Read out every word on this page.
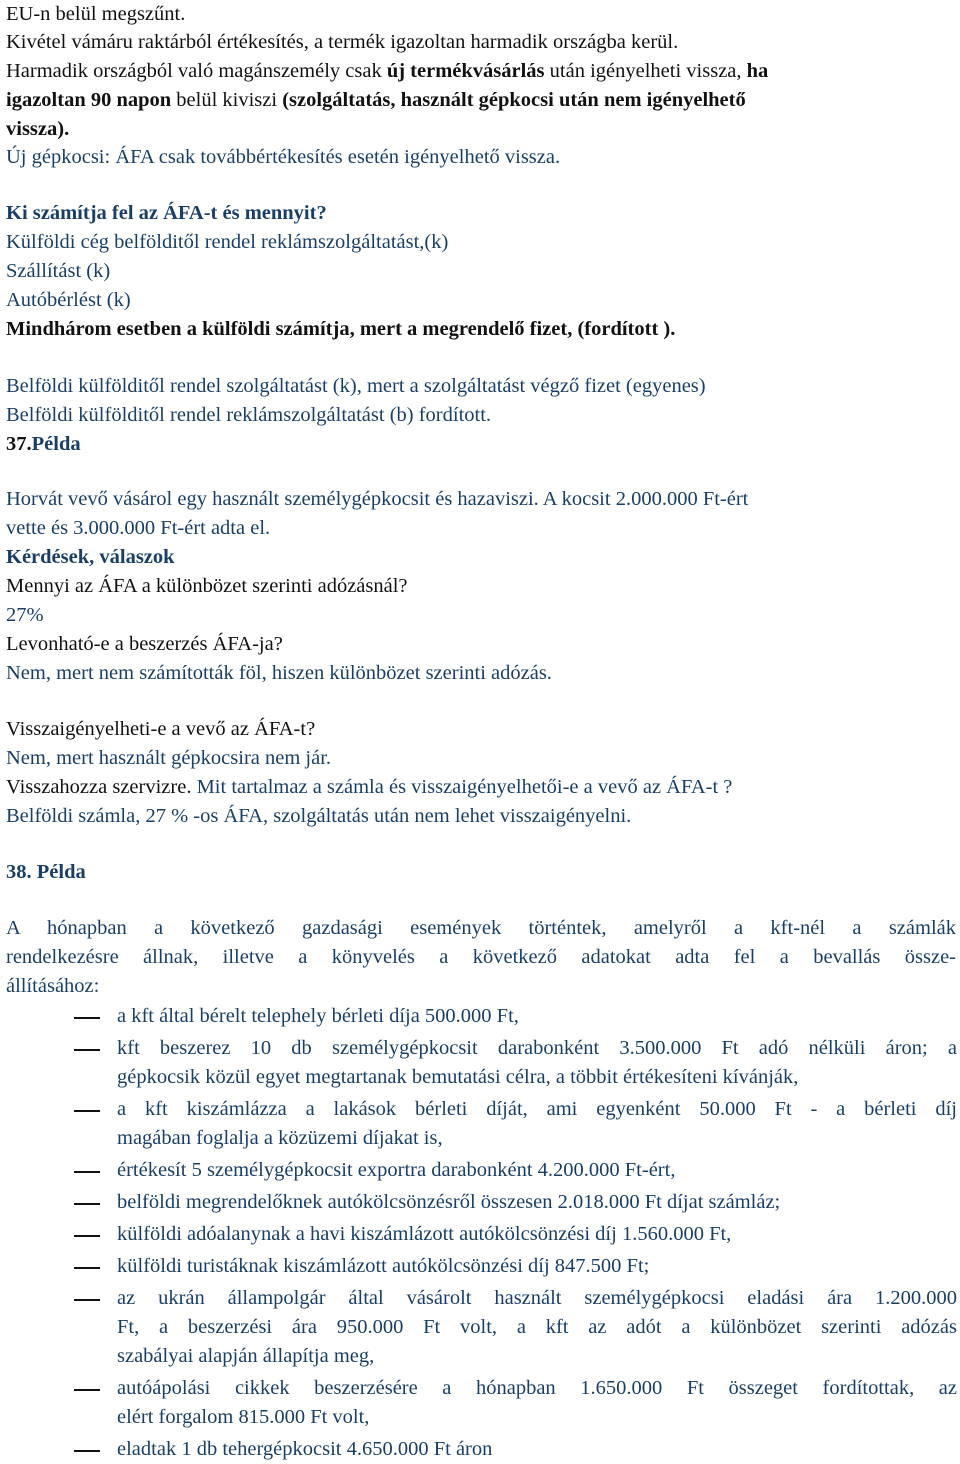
EU-n belül megszűnt.
Kivétel vámáru raktárból értékesítés, a termék igazoltan harmadik országba kerül.
Harmadik országból való magánszemély csak új termékvásárlás után igényelheti vissza, ha
igazoltan 90 napon belül kiviszi (szolgáltatás, használt gépkocsi után nem igényelhető
vissza).
Új gépkocsi: ÁFA csak továbbértékesítés esetén igényelhető vissza.
Ki számítja fel az ÁFA-t és mennyit?
Külföldi cég belfölditől rendel reklámszolgáltatást,(k)
Szállítást (k)
Autóbérlést (k)
Mindhárom esetben a külföldi számítja, mert a megrendelő fizet, (fordított ).
Belföldi külfölditől rendel szolgáltatást (k), mert a szolgáltatást végző fizet (egyenes)
Belföldi külfölditől rendel reklámszolgáltatást (b) fordított.
37.Példa
Horvát vevő vásárol egy használt személygépkocsit és hazaviszi. A kocsit 2.000.000 Ft-ért
vette és 3.000.000 Ft-ért adta el.
Kérdések, válaszok
Mennyi az ÁFA a különbözet szerinti adózásnál?
27%
Levonható-e a beszerzés ÁFA-ja?
Nem, mert nem számították föl, hiszen különbözet szerinti adózás.
Visszaigényelheti-e a vevő az ÁFA-t?
Nem, mert használt gépkocsira nem jár.
Visszahozza szervizre. Mit tartalmaz a számla és visszaigényelhetői-e a vevő az ÁFA-t ?
Belföldi számla, 27 % -os ÁFA, szolgáltatás után nem lehet visszaigényelni.
38. Példa
A hónapban a következő gazdasági események történtek, amelyről a kft-nél a számlák
rendelkezésre állnak, illetve a könyvelés a következő adatokat adta fel a bevallás össze-
állításához:
a kft által bérelt telephely bérleti díja 500.000 Ft,
kft beszerez 10 db személygépkocsit darabonként 3.500.000 Ft adó nélküli áron; a
gépkocsik közül egyet megtartanak bemutatási célra, a többit értékesíteni kívánják,
a kft kiszámlázza a lakások bérleti díját, ami egyenként 50.000 Ft - a bérleti díj
magában foglalja a közüzemi díjakat is,
értékesít 5 személygépkocsit exportra darabonként 4.200.000 Ft-ért,
belföldi megrendelőknek autókölcsönzésről összesen 2.018.000 Ft díjat számláz;
külföldi adóalanynak a havi kiszámlázott autókölcsönzési díj 1.560.000 Ft,
külföldi turistáknak kiszámlázott autókölcsönzési díj 847.500 Ft;
az ukrán állampolgár által vásárolt használt személygépkocsi eladási ára 1.200.000
Ft, a beszerzési ára 950.000 Ft volt, a kft az adót a különbözet szerinti adózás
szabályai alapján állapítja meg,
autóápolási cikkek beszerzésére a hónapban 1.650.000 Ft összeget fordítottak, az
elért forgalom 815.000 Ft volt,
eladtak 1 db tehergépkocsit 4.650.000 Ft áron
